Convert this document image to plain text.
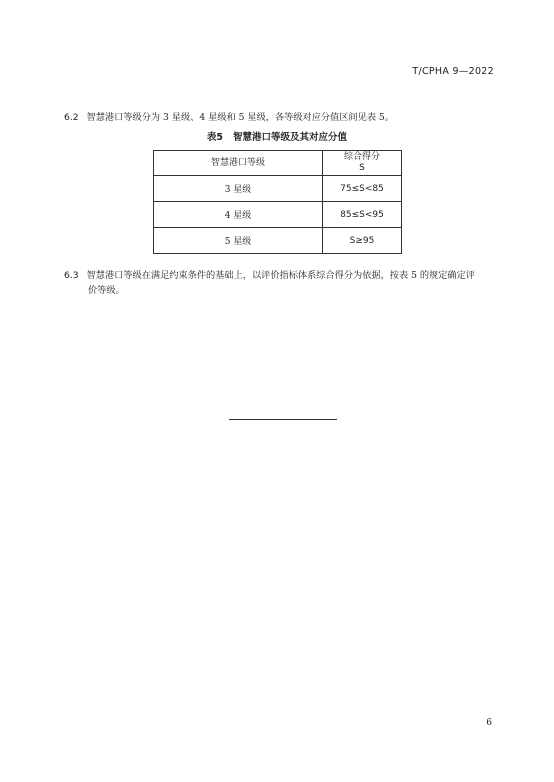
T/CPHA 9—2022
6.2 智慧港口等级分为 3 星级、4 星级和 5 星级，各等级对应分值区间见表 5。
表5 智慧港口等级及其对应分值
智慧港口等级	综合得分
S
3 星级	75≤S<85
4 星级	85≤S<95
5 星级	S≥95
6.3 智慧港口等级在满足约束条件的基础上，以评价指标体系综合得分为依据，按表 5 的规定确定评
价等级。
6
